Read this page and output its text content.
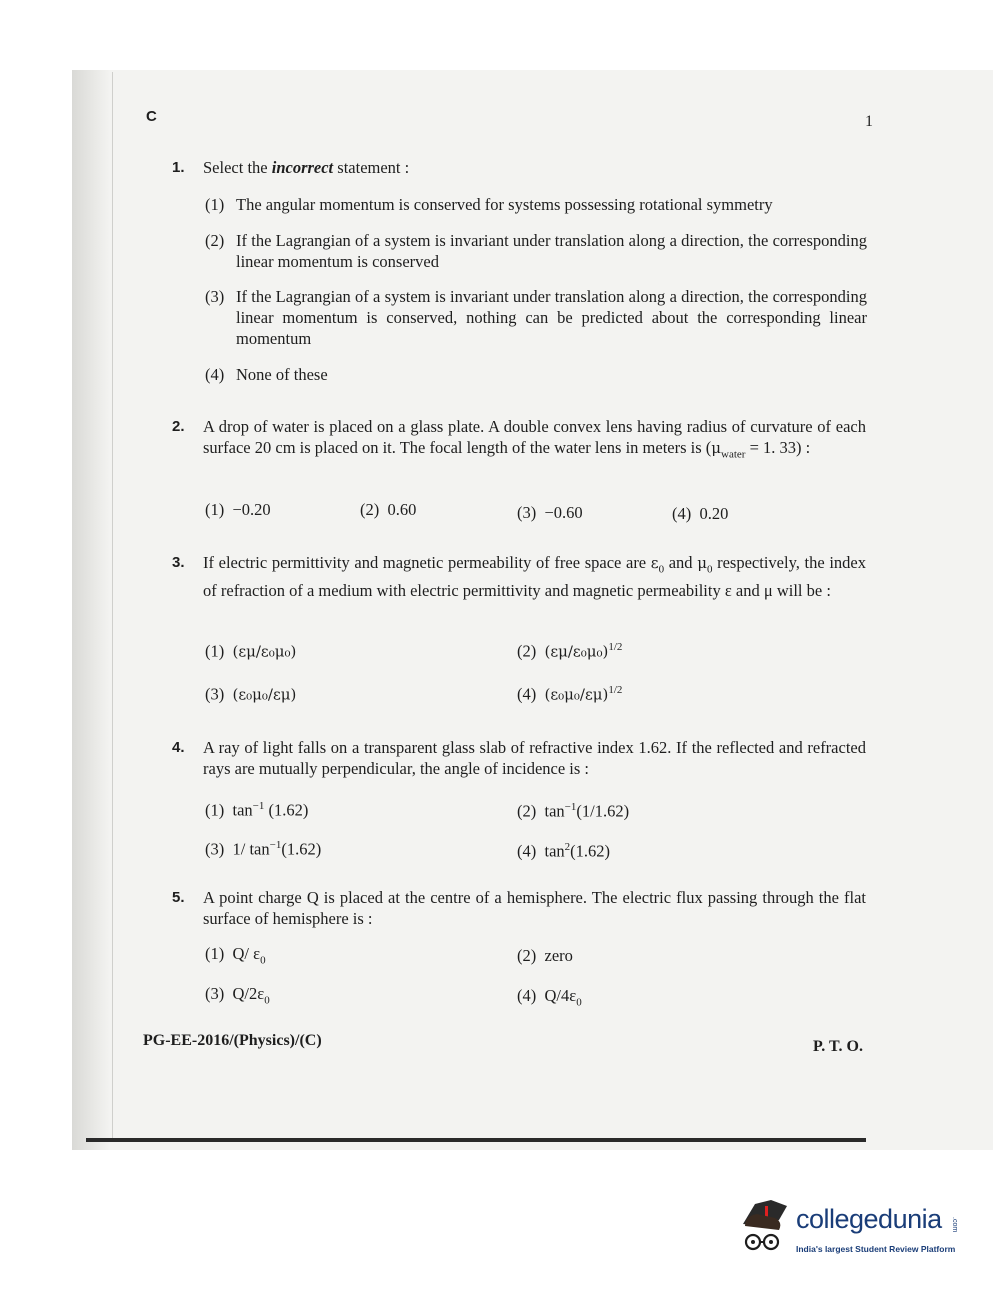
C	1
1. Select the incorrect statement :
(1) The angular momentum is conserved for systems possessing rotational symmetry
(2) If the Lagrangian of a system is invariant under translation along a direction, the corresponding linear momentum is conserved
(3) If the Lagrangian of a system is invariant under translation along a direction, the corresponding linear momentum is conserved, nothing can be predicted about the corresponding linear momentum
(4) None of these
2. A drop of water is placed on a glass plate. A double convex lens having radius of curvature of each surface 20 cm is placed on it. The focal length of the water lens in meters is ($\mu_{water} = 1$. 33) :
(1) −0.20	(2) 0.60	(3) −0.60	(4) 0.20
3. If electric permittivity and magnetic permeability of free space are $\varepsilon_0$ and $\mu_0$ respectively, the index of refraction of a medium with electric permittivity and magnetic permeability ε and μ will be :
(1) (εμ/ε₀μ₀)	(2) $(\varepsilon\mu/\varepsilon_0\mu_0)^{1/2}$
(3) (ε₀μ₀/εμ)	(4) $(\varepsilon_0\mu_0/\varepsilon\mu)^{1/2}$
4. A ray of light falls on a transparent glass slab of refractive index 1.62. If the reflected and refracted rays are mutually perpendicular, the angle of incidence is :
(1) $\tan^{-1} (1.62)$	(2) $\tan^{-1}(1/1.62)$
(3) 1/ $\tan^{-1}(1.62)$	(4) $\tan^2(1.62)$
5. A point charge Q is placed at the centre of a hemisphere. The electric flux passing through the flat surface of hemisphere is :
(1) Q/ $\varepsilon_0$	(2) zero
(3) $Q/2\varepsilon_0$	(4) $Q/4\varepsilon_0$
PG-EE-2016/(Physics)/(C)	P. T. O.
collegedunia .com
India's largest Student Review Platform
